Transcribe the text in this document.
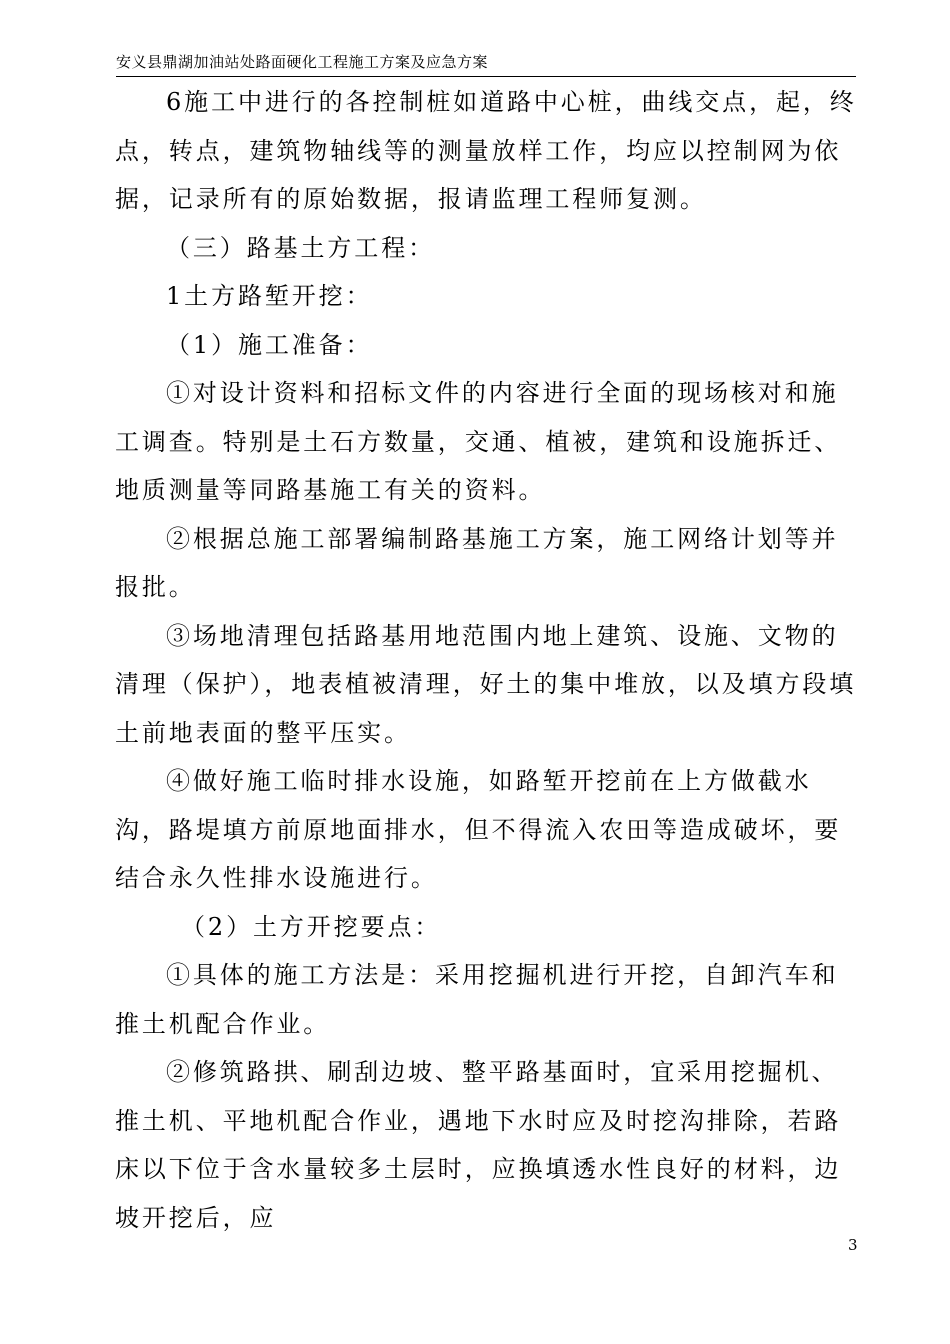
安义县鼎湖加油站处路面硬化工程施工方案及应急方案

6施工中进行的各控制桩如道路中心桩，曲线交点，起，终点，转点，建筑物轴线等的测量放样工作，均应以控制网为依据，记录所有的原始数据，报请监理工程师复测。

（三）路基土方工程：

1土方路堑开挖：

（1）施工准备：

①对设计资料和招标文件的内容进行全面的现场核对和施工调查。特别是土石方数量，交通、植被，建筑和设施拆迁、地质测量等同路基施工有关的资料。

②根据总施工部署编制路基施工方案，施工网络计划等并报批。

③场地清理包括路基用地范围内地上建筑、设施、文物的清理（保护），地表植被清理，好土的集中堆放，以及填方段填土前地表面的整平压实。

④做好施工临时排水设施，如路堑开挖前在上方做截水沟，路堤填方前原地面排水，但不得流入农田等造成破坏，要结合永久性排水设施进行。

（2）土方开挖要点：

①具体的施工方法是：采用挖掘机进行开挖，自卸汽车和推土机配合作业。

②修筑路拱、刷刮边坡、整平路基面时，宜采用挖掘机、推土机、平地机配合作业，遇地下水时应及时挖沟排除，若路床以下位于含水量较多土层时，应换填透水性良好的材料，边坡开挖后，应

3
